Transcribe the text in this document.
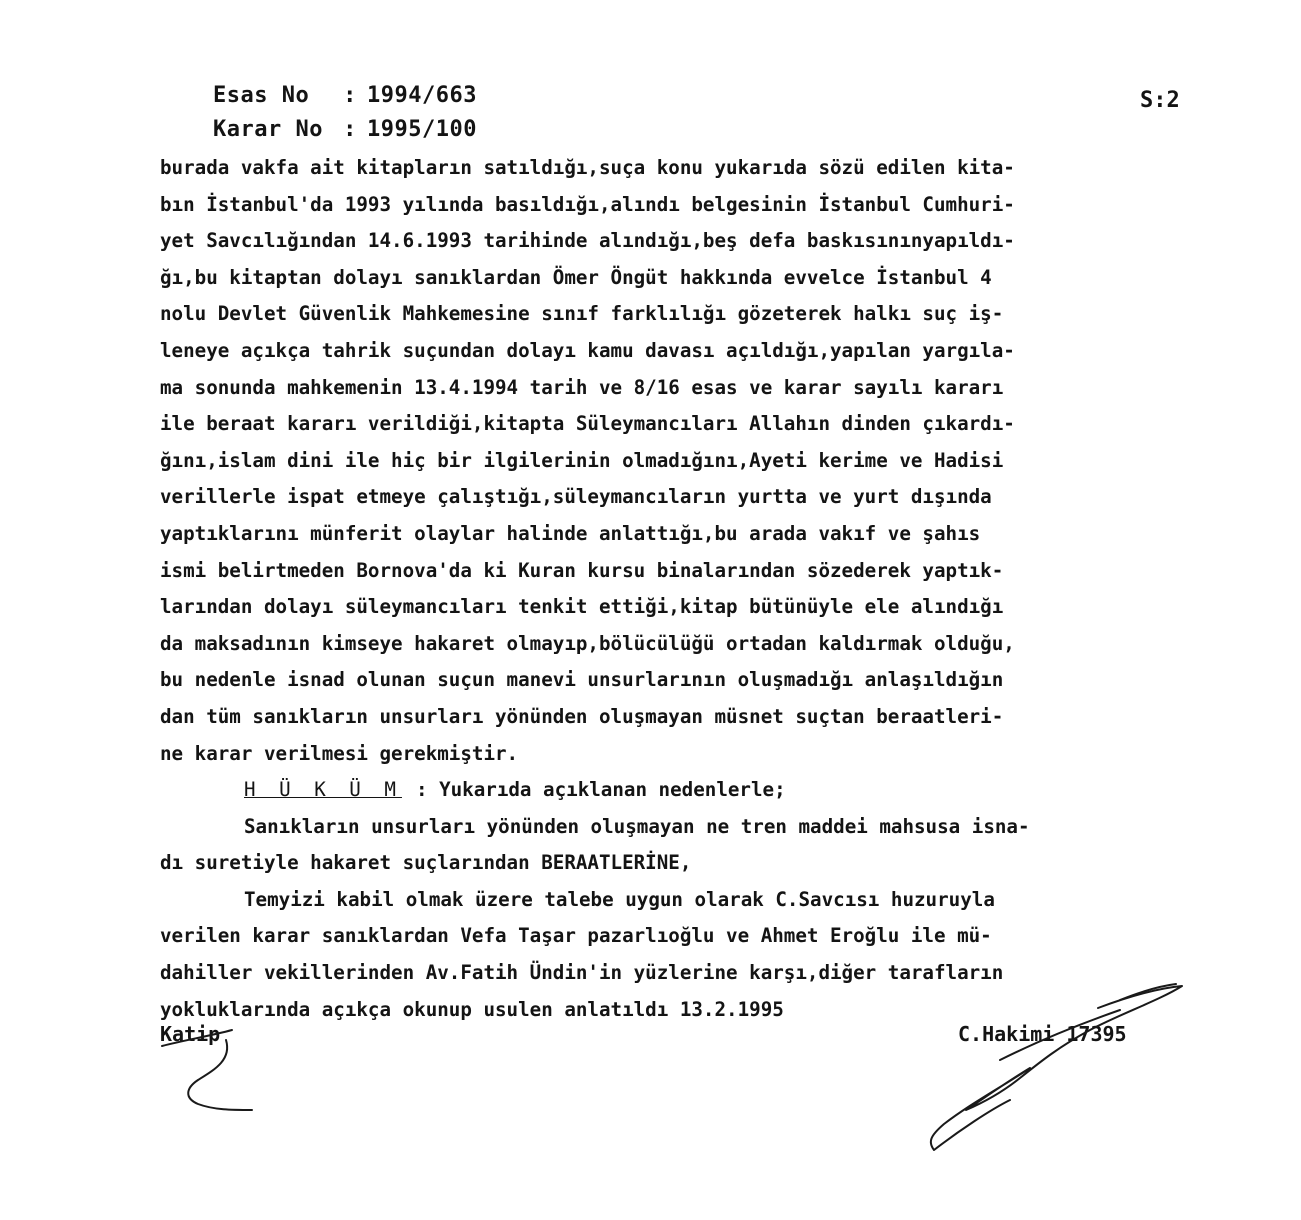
Esas No : 1994/663

Karar No : 1995/100

S:2
burada vakfa ait kitapların satıldığı,suça konu yukarıda sözü edilen kita-
bın İstanbul'da 1993 yılında basıldığı,alındı belgesinin İstanbul Cumhuri-
yet Savcılığından 14.6.1993 tarihinde alındığı,beş defa baskısınınyapıldı-
ğı,bu kitaptan dolayı sanıklardan Ömer Öngüt hakkında evvelce İstanbul 4
nolu Devlet Güvenlik Mahkemesine sınıf farklılığı gözeterek halkı suç iş-
leneye açıkça tahrik suçundan dolayı kamu davası açıldığı,yapılan yargıla-
ma sonunda mahkemenin 13.4.1994 tarih ve 8/16 esas ve karar sayılı kararı
ile beraat kararı verildiği,kitapta Süleymancıları Allahın dinden çıkardı-
ğını,islam dini ile hiç bir ilgilerinin olmadığını,Ayeti kerime ve Hadisi
verillerle ispat etmeye çalıştığı,süleymancıların yurtta ve yurt dışında
yaptıklarını münferit olaylar halinde anlattığı,bu arada vakıf ve şahıs
ismi belirtmeden Bornova'da ki Kuran kursu binalarından sözederek yaptık-
larından dolayı süleymancıları tenkit ettiği,kitap bütünüyle ele alındığı
da maksadının kimseye hakaret olmayıp,bölücülüğü ortadan kaldırmak olduğu,
bu nedenle isnad olunan suçun manevi unsurlarının oluşmadığı anlaşıldığın
dan tüm sanıkların unsurları yönünden oluşmayan müsnet suçtan beraatleri-
ne karar verilmesi gerekmiştir.
H Ü K Ü M : Yukarıda açıklanan nedenlerle;
Sanıkların unsurları yönünden oluşmayan ne tren maddei mahsusa isna-
dı suretiyle hakaret suçlarından BERAATLERİNE,
Temyizi kabil olmak üzere talebe uygun olarak C.Savcısı huzuruyla
verilen karar sanıklardan Vefa Taşar pazarlıoğlu ve Ahmet Eroğlu ile mü-
dahiller vekillerinden Av.Fatih Ündin'in yüzlerine karşı,diğer tarafların
yokluklarında açıkça okunup usulen anlatıldı 13.2.1995
Katip	C.Hakimi 17395
